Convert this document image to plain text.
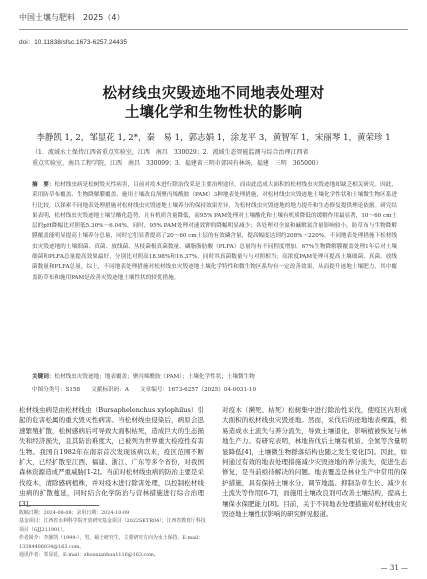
中国土壤与肥料　2025（4）
doi：10.11838/sfsc.1673-6257.24435
松材线虫灾毁迹地不同地表处理对
土壤化学和生物性状的影响
李静凯 1, 2，邹显花 1, 2*，秦　易 1，郭志娟 1，涂龙平 3，黄智军 1，宋丽琴 1，黄荣珍 1
（1．流域水土保持江西省重点实验室，江西　南昌　330029；2．流域生态智能监测与综合治理江西省
重点实验室，南昌工程学院，江西　南昌　330099；3．福建省三明市郊国有林场，福建　三明　365000）
摘　要：松材线虫病是松树毁灭性病害，目前对疫木进行除治伐采是主要治理途径，而由此造成大面积的松材线虫灾毁迹地却缺乏相关研究。因此，采用防草布覆盖、生物降解膜覆盖、施用土壤改良剂聚丙烯酰胺（PAM）3种地表处理措施，对松材线虫灾毁迹地土壤化学性状和土壤微生物区系进行比较，以探索不同地表处理措施对松材线虫灾毁迹地土壤养分的保持效果差异，为松材线虫灾毁迹地的地力提升和生态修复提供理论依据。研究结果表明，松材线虫灾毁迹地土壤呈酸化趋势，且有机质含量降低，而95% PAM处理对土壤酸化和土壤有机质降低的缓解作用最显著，10～60 cm土层的pH降幅比对照低5.30%～6.04%，同时，95% PAM处理对速效钾的降幅明显减少；各处理对全氮和碱解氮含量影响较小。防草布与生物降解膜覆盖能明显提高土壤养分总量，同时它们显著提高了20～60 cm土层的有效磷含量，提高幅度达到约208%～220%。不同地表处理措施下松材线虫灾毁迹地的土壤细菌、真菌、放线菌、丛枝菌根真菌数量、磷脂脂肪酸（PLFA）总量均有不同程度增加。67%生物降解膜覆盖处理1年后对土壤细菌和PLFA总量提高效果最好，分别比对照高18.98%和16.37%，同时其真菌数量与与对照相当；高浓度PAM处理可提高土壤细菌、真菌、放线菌数量和PLFA总量。综上，不同地表处理措施对松材线虫灾毁迹地土壤化学特性和微生物区系均有一定改善效果，从而提升迹地土壤肥力，其中覆盖防草布和施用PAM是改善灾毁迹地土壤性状的较优措施。
关键词：松材线虫灾毁迹地；地表覆盖；聚丙烯酰胺（PAM）；土壤化学性状；土壤微生物
中图分类号：S158　　文献标识码：A　　文章编号：1673-6257（2025）04-0031-10
松材线虫病是由松材线虫（Bursaphelenchus xylophilus）引起的危害松属的重大毁灭性病害。当松材线虫侵染后，病原会迅速繁殖扩散，松树感病后可导致大面积枯死，造成巨大的生态损失和经济损失，且其防治难度大，已被列为世界重大检疫性有害生物。我国自1982年在南京首次发现该病以来，疫区范围不断扩大，已经扩散至江西、福建、浙江、广东等多个省份，对我国森林资源造成严重威胁[1-2]。当前对松材线虫病的防治主要是采伐疫木，清除感病植株，并对疫木进行除害处理，以控制松材线虫病的扩散蔓延，同时结合化学防治与营林措施进行综合治理[3]。
对疫木（濒死、枯死）松树集中进行除治性采伐，使疫区内形成大面积的松材线虫灾毁迹地。然而，采伐后的迹地地表裸露，极易造成水土流失与养分流失，导致土壤退化，影响植被恢复与林地生产力。有研究表明，林地皆伐后土壤有机质、全氮等含量明显降低[4]，土壤微生物群落结构也随之发生变化[5]。因此，如何通过有效的地表处理措施减少灾毁迹地的养分流失，促进生态修复，是当前亟待解决的问题。地表覆盖是林业生产中常用的保护措施，具有保持土壤水分、调节地温、抑制杂草生长、减少水土流失等作用[6-7]，而施用土壤改良剂可改善土壤结构，提高土壤保水保肥能力[8]。目前，关于不同地表处理措施对松材线虫灾毁迹地土壤性状影响的研究鲜见报道。
收稿日期：2024-08-08；录用日期：2024-10-09
基金项目：江西省水利科学院开放研究基金项目（2022SKTR04）；江西省教育厅科技项目（GJJ211901）。
作者简介：李静凯（1999-），男，硕士研究生，主要研究方向为水土保持。E-mail：13384406034@163.com。
通讯作者：邹显花，E-mail：zhouxianhua1116@163.com。
— 31 —
